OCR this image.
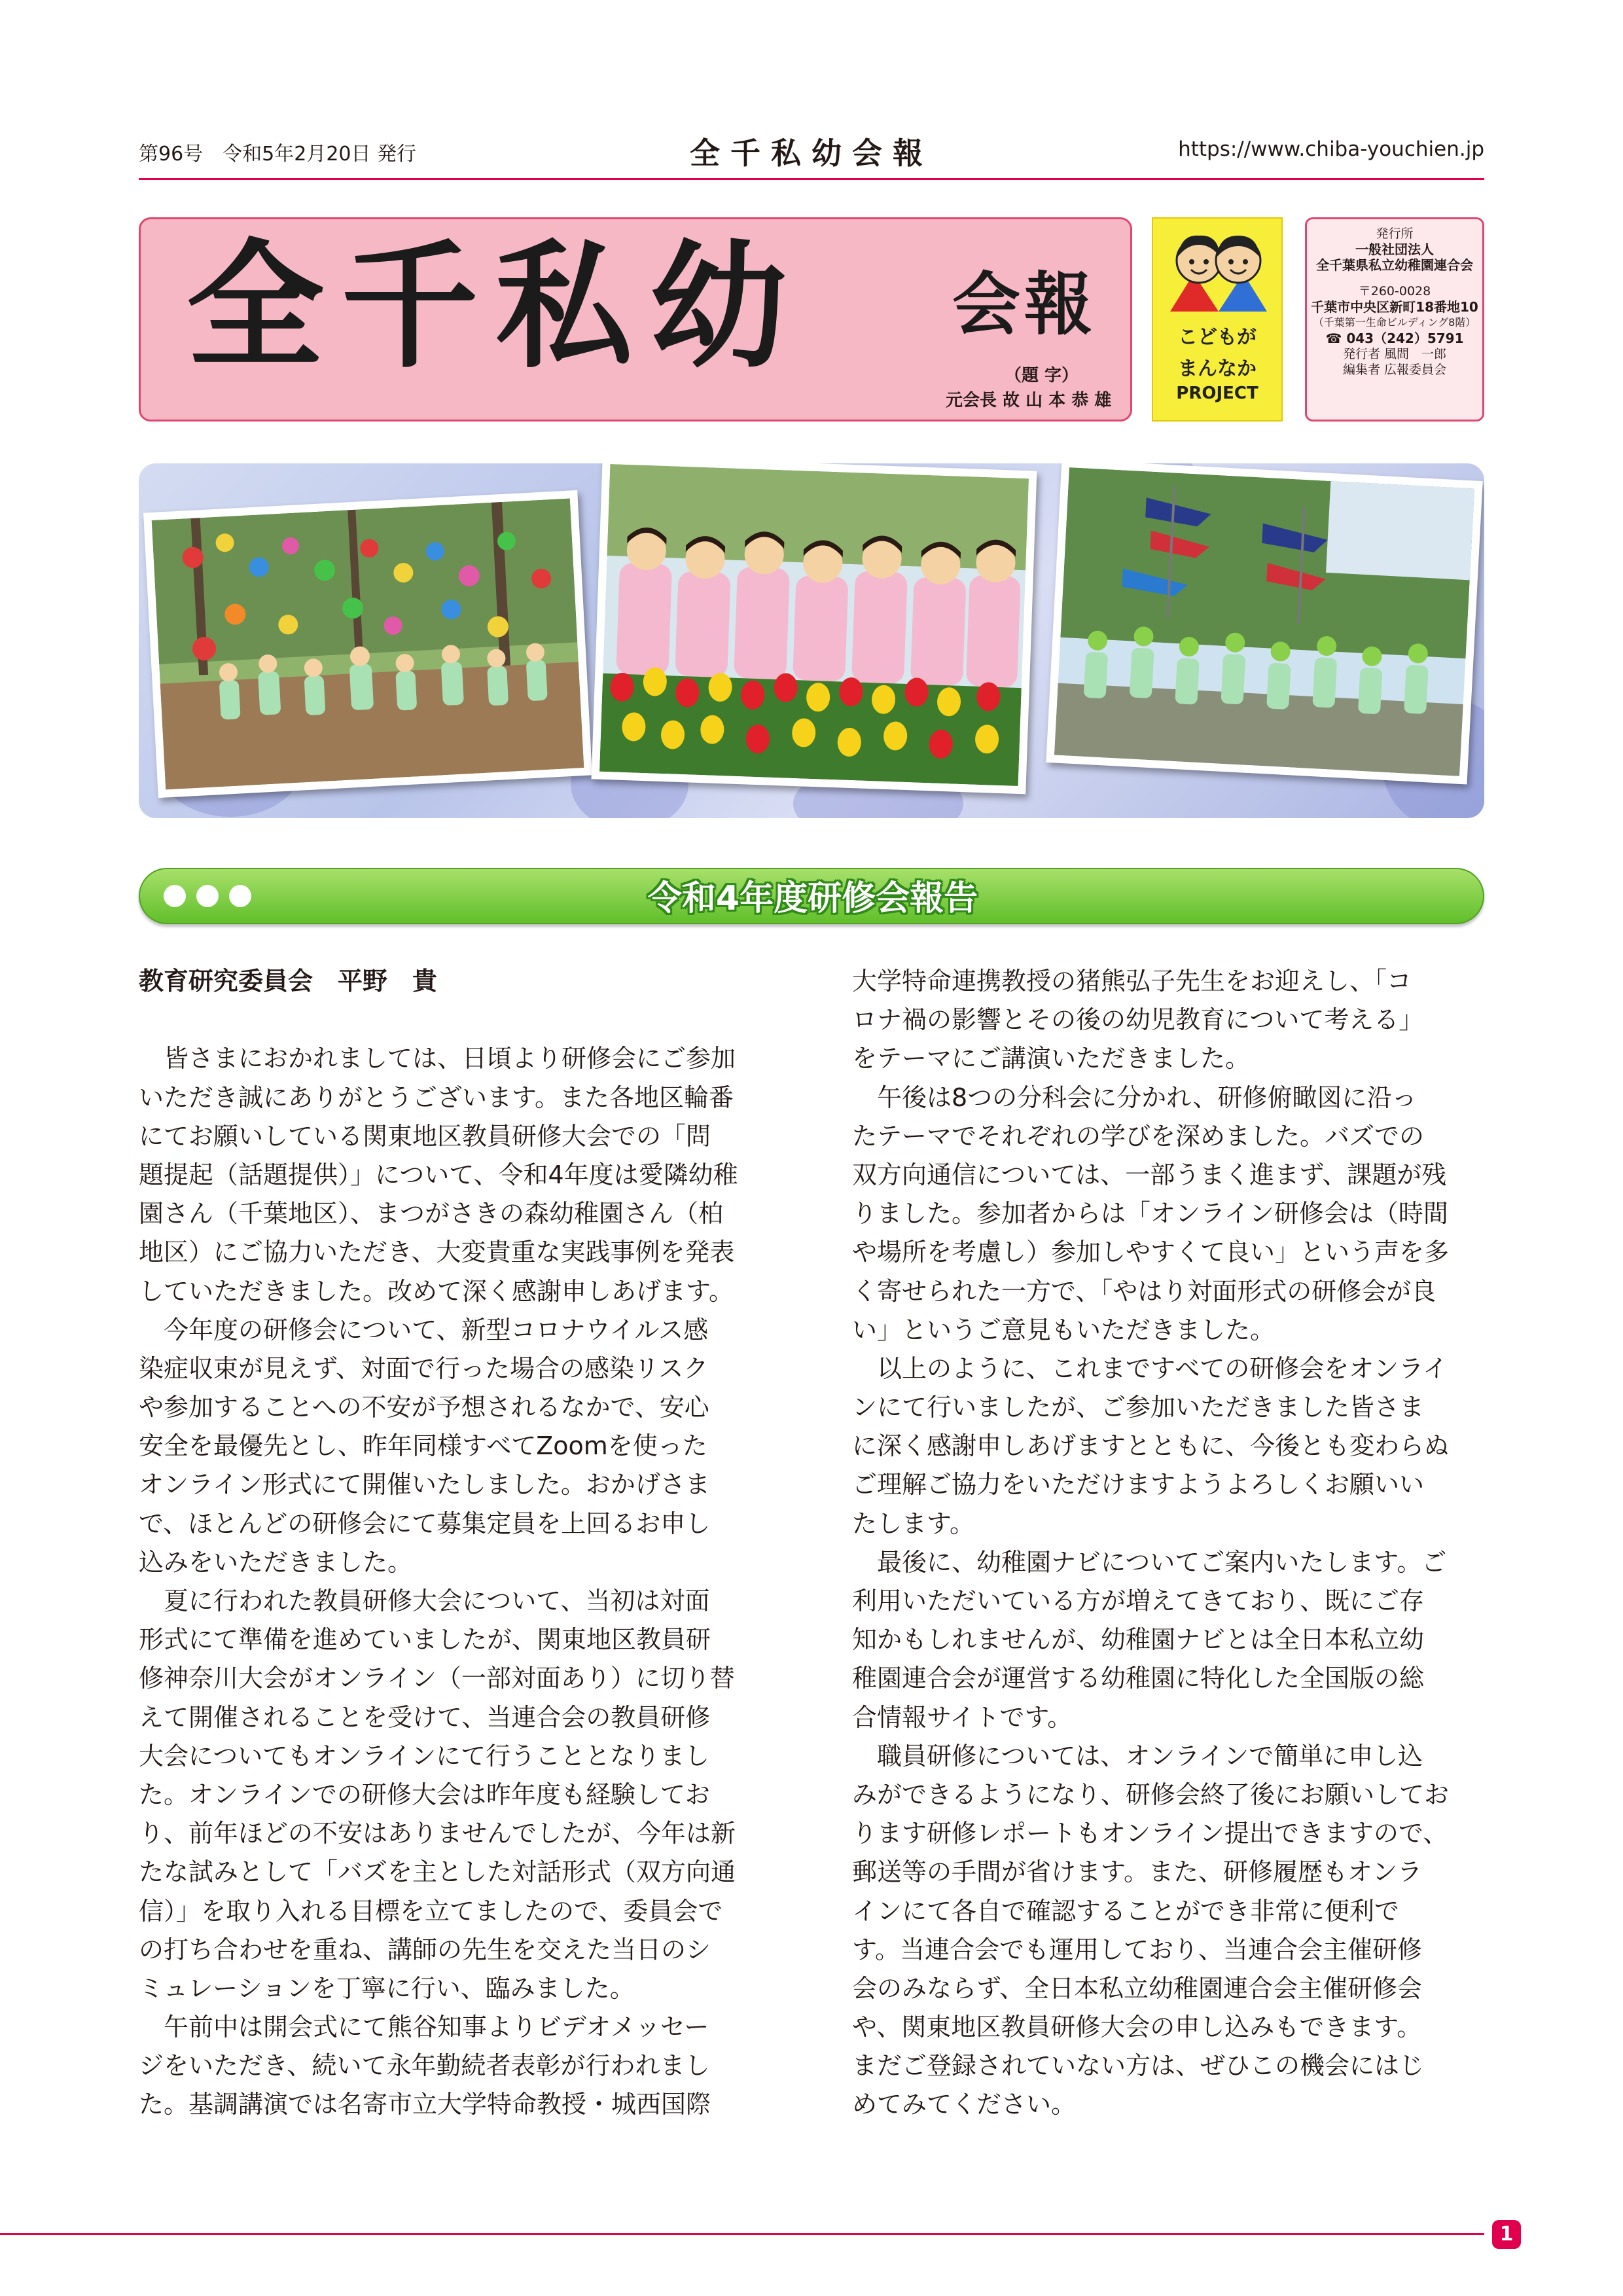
第96号　令和5年2月20日 発行	全千私幼会報	https://www.chiba-youchien.jp
全千私幼 会報
（題 字）
元会長 故 山 本 恭 雄
こどもが
まんなか
PROJECT
発行所
一般社団法人
全千葉県私立幼稚園連合会
〒260-0028
千葉市中央区新町18番地10
（千葉第一生命ビルディング8階）
☎ 043（242）5791
発行者 風間　一郎
編集者 広報委員会
令和4年度研修会報告
教育研究委員会　平野　貴
　皆さまにおかれましては、日頃より研修会にご参加
いただき誠にありがとうございます。また各地区輪番
にてお願いしている関東地区教員研修大会での「問
題提起（話題提供）」について、令和4年度は愛隣幼稚
園さん（千葉地区）、まつがさきの森幼稚園さん（柏
地区）にご協力いただき、大変貴重な実践事例を発表
していただきました。改めて深く感謝申しあげます。
　今年度の研修会について、新型コロナウイルス感
染症収束が見えず、対面で行った場合の感染リスク
や参加することへの不安が予想されるなかで、安心
安全を最優先とし、昨年同様すべてZoomを使った
オンライン形式にて開催いたしました。おかげさま
で、ほとんどの研修会にて募集定員を上回るお申し
込みをいただきました。
　夏に行われた教員研修大会について、当初は対面
形式にて準備を進めていましたが、関東地区教員研
修神奈川大会がオンライン（一部対面あり）に切り替
えて開催されることを受けて、当連合会の教員研修
大会についてもオンラインにて行うこととなりまし
た。オンラインでの研修大会は昨年度も経験してお
り、前年ほどの不安はありませんでしたが、今年は新
たな試みとして「バズを主とした対話形式（双方向通
信）」を取り入れる目標を立てましたので、委員会で
の打ち合わせを重ね、講師の先生を交えた当日のシ
ミュレーションを丁寧に行い、臨みました。
　午前中は開会式にて熊谷知事よりビデオメッセー
ジをいただき、続いて永年勤続者表彰が行われまし
た。基調講演では名寄市立大学特命教授・城西国際
大学特命連携教授の猪熊弘子先生をお迎えし、「コ
ロナ禍の影響とその後の幼児教育について考える」
をテーマにご講演いただきました。
　午後は8つの分科会に分かれ、研修俯瞰図に沿っ
たテーマでそれぞれの学びを深めました。バズでの
双方向通信については、一部うまく進まず、課題が残
りました。参加者からは「オンライン研修会は（時間
や場所を考慮し）参加しやすくて良い」という声を多
く寄せられた一方で、「やはり対面形式の研修会が良
い」というご意見もいただきました。
　以上のように、これまですべての研修会をオンライ
ンにて行いましたが、ご参加いただきました皆さま
に深く感謝申しあげますとともに、今後とも変わらぬ
ご理解ご協力をいただけますようよろしくお願いい
たします。
　最後に、幼稚園ナビについてご案内いたします。ご
利用いただいている方が増えてきており、既にご存
知かもしれませんが、幼稚園ナビとは全日本私立幼
稚園連合会が運営する幼稚園に特化した全国版の総
合情報サイトです。
　職員研修については、オンラインで簡単に申し込
みができるようになり、研修会終了後にお願いしてお
ります研修レポートもオンライン提出できますので、
郵送等の手間が省けます。また、研修履歴もオンラ
インにて各自で確認することができ非常に便利で
す。当連合会でも運用しており、当連合会主催研修
会のみならず、全日本私立幼稚園連合会主催研修会
や、関東地区教員研修大会の申し込みもできます。
まだご登録されていない方は、ぜひこの機会にはじ
めてみてください。
1
